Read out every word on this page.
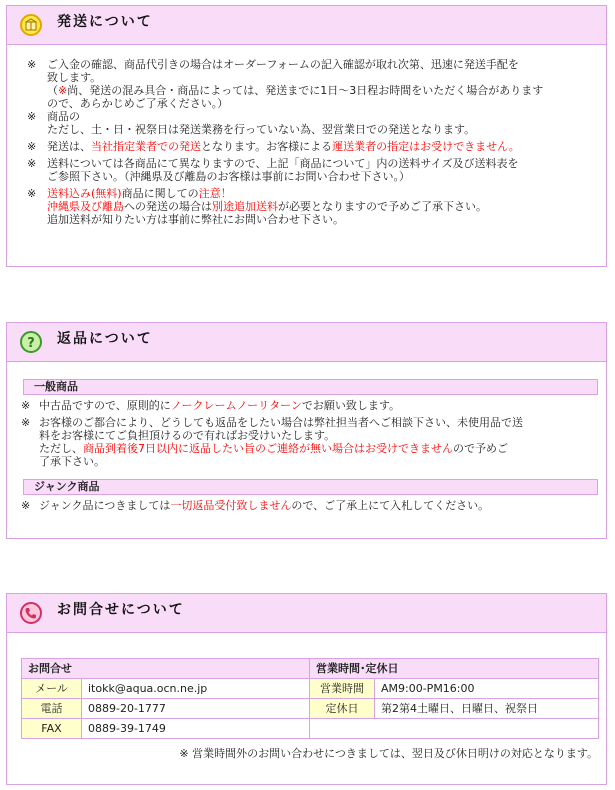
発送について
※ ご入金の確認、商品代引きの場合はオーダーフォームの記入確認が取れ次第、迅速に発送手配を
致します。
（※尚、発送の混み具合・商品によっては、発送までに1日～3日程お時間をいただく場合があります
ので、あらかじめご了承ください。）
※ 商品の
ただし、土・日・祝祭日は発送業務を行っていない為、翌営業日での発送となります。
※ 発送は、当社指定業者での発送となります。お客様による運送業者の指定はお受けできません。
※ 送料については各商品にて異なりますので、上記「商品について」内の送料サイズ及び送料表を
ご参照下さい。（沖縄県及び離島のお客様は事前にお問い合わせ下さい。）
※ 送料込み(無料)商品に関しての注意！
沖縄県及び離島への発送の場合は別途追加送料が必要となりますので予めご了承下さい。
追加送料が知りたい方は事前に弊社にお問い合わせ下さい。
? 返品について
一般商品
※ 中古品ですので、原則的にノークレームノーリターンでお願い致します。
※ お客様のご都合により、どうしても返品をしたい場合は弊社担当者へご相談下さい、未使用品で送
料をお客様にてご負担頂けるので有ればお受けいたします。
ただし、商品到着後7日以内に返品したい旨のご連絡が無い場合はお受けできませんので予めご
了承下さい。
ジャンク商品
※ ジャンク品につきましては一切返品受付致しませんので、ご了承上にて入札してください。
お問合せについて
お問合せ		営業時間･定休日	
メール	itokk@aqua.ocn.ne.jp	営業時間	AM9:00-PM16:00
電話	0889-20-1777	定休日	第2第4土曜日、日曜日、祝祭日
FAX	0889-39-1749		
※ 営業時間外のお問い合わせにつきましては、翌日及び休日明けの対応となります。
